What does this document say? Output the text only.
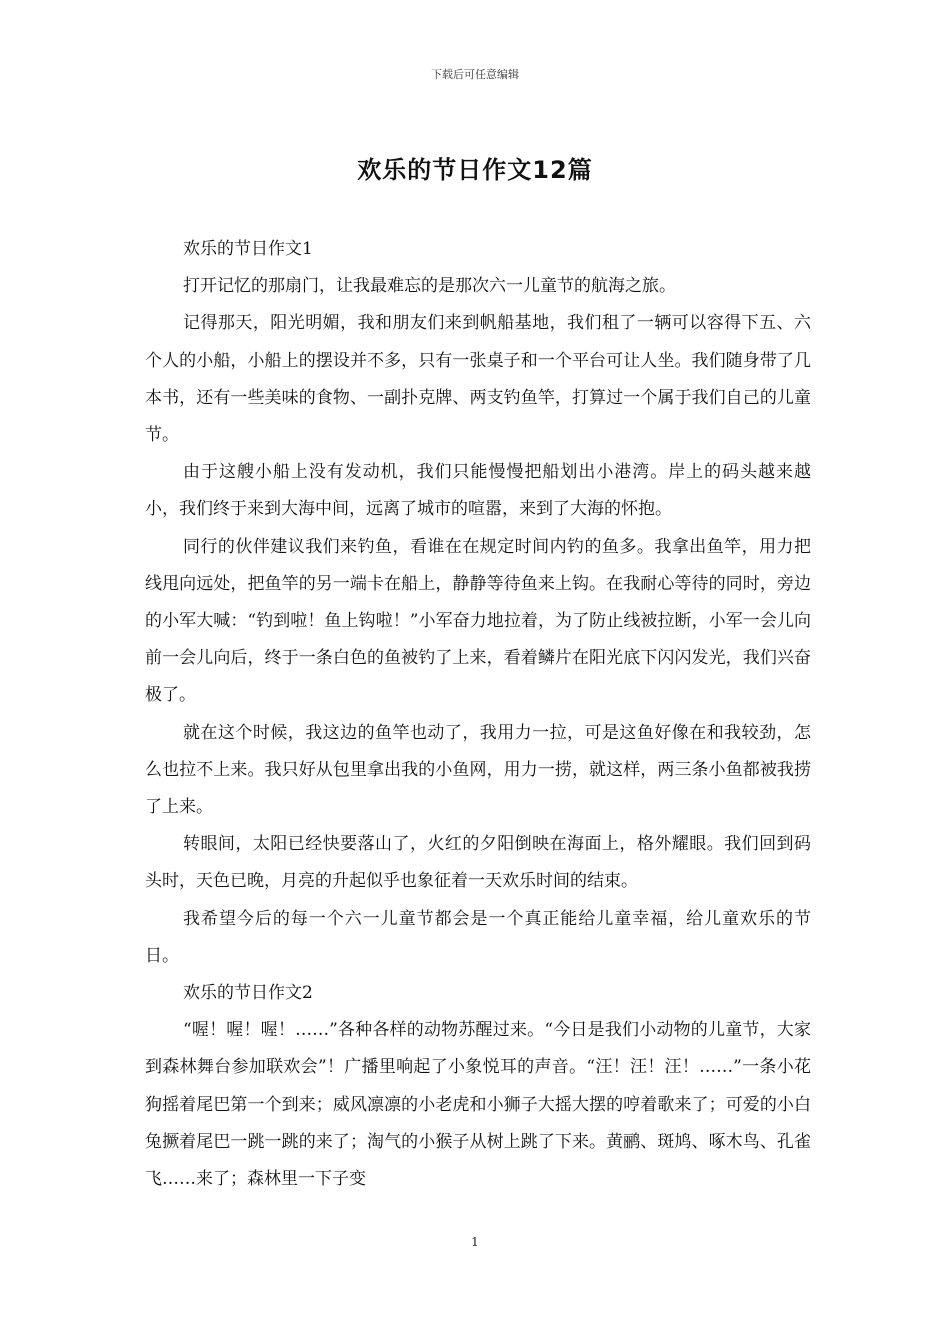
下载后可任意编辑
欢乐的节日作文12篇

欢乐的节日作文1

打开记忆的那扇门，让我最难忘的是那次六一儿童节的航海之旅。

记得那天，阳光明媚，我和朋友们来到帆船基地，我们租了一辆可以容得下五、六个人的小船，小船上的摆设并不多，只有一张桌子和一个平台可让人坐。我们随身带了几本书，还有一些美味的食物、一副扑克牌、两支钓鱼竿，打算过一个属于我们自己的儿童节。

由于这艘小船上没有发动机，我们只能慢慢把船划出小港湾。岸上的码头越来越小，我们终于来到大海中间，远离了城市的喧嚣，来到了大海的怀抱。

同行的伙伴建议我们来钓鱼，看谁在在规定时间内钓的鱼多。我拿出鱼竿，用力把线甩向远处，把鱼竿的另一端卡在船上，静静等待鱼来上钩。在我耐心等待的同时，旁边的小军大喊：“钓到啦！鱼上钩啦！”小军奋力地拉着，为了防止线被拉断，小军一会儿向前一会儿向后，终于一条白色的鱼被钓了上来，看着鳞片在阳光底下闪闪发光，我们兴奋极了。

就在这个时候，我这边的鱼竿也动了，我用力一拉，可是这鱼好像在和我较劲，怎么也拉不上来。我只好从包里拿出我的小鱼网，用力一捞，就这样，两三条小鱼都被我捞了上来。

转眼间，太阳已经快要落山了，火红的夕阳倒映在海面上，格外耀眼。我们回到码头时，天色已晚，月亮的升起似乎也象征着一天欢乐时间的结束。

我希望今后的每一个六一儿童节都会是一个真正能给儿童幸福，给儿童欢乐的节日。

欢乐的节日作文2

“喔！喔！喔！……”各种各样的动物苏醒过来。“今日是我们小动物的儿童节，大家到森林舞台参加联欢会”！广播里响起了小象悦耳的声音。“汪！汪！汪！……”一条小花狗摇着尾巴第一个到来；威风凛凛的小老虎和小狮子大摇大摆的哼着歌来了；可爱的小白兔撅着尾巴一跳一跳的来了；淘气的小猴子从树上跳了下来。黄鹂、斑鸠、啄木鸟、孔雀飞……来了；森林里一下子变

1
